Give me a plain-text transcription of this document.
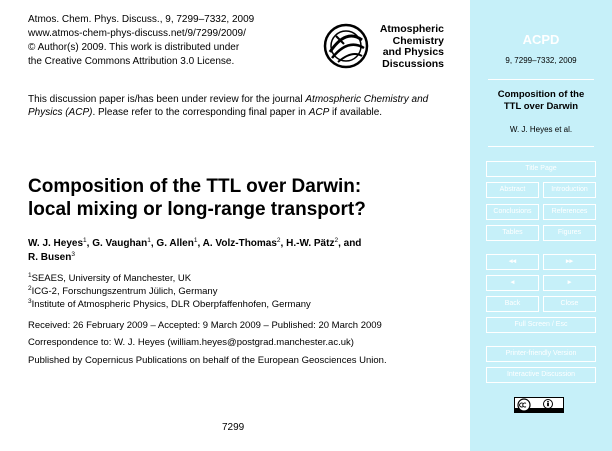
Atmos. Chem. Phys. Discuss., 9, 7299–7332, 2009
www.atmos-chem-phys-discuss.net/9/7299/2009/
© Author(s) 2009. This work is distributed under
the Creative Commons Attribution 3.0 License.
Atmospheric
Chemistry
and Physics
Discussions
This discussion paper is/has been under review for the journal Atmospheric Chemistry and Physics (ACP). Please refer to the corresponding final paper in ACP if available.
Composition of the TTL over Darwin:
local mixing or long-range transport?
W. J. Heyes$^1$, G. Vaughan$^1$, G. Allen$^1$, A. Volz-Thomas$^2$, H.-W. Pätz$^2$, and
R. Busen$^3$
$^1$SEAES, University of Manchester, UK
$^2$ICG-2, Forschungszentrum Jülich, Germany
$^3$Institute of Atmospheric Physics, DLR Oberpfaffenhofen, Germany
Received: 26 February 2009 – Accepted: 9 March 2009 – Published: 20 March 2009
Correspondence to: W. J. Heyes (william.heyes@postgrad.manchester.ac.uk)
Published by Copernicus Publications on behalf of the European Geosciences Union.
7299
ACPD
9, 7299–7332, 2009
Composition of the
TTL over Darwin
W. J. Heyes et al.
Title Page
Abstract	Introduction
Conclusions	References
Tables	Figures
◂◂	▸▸
◂	▸
Back	Close
Full Screen / Esc
Printer-friendly Version
Interactive Discussion
